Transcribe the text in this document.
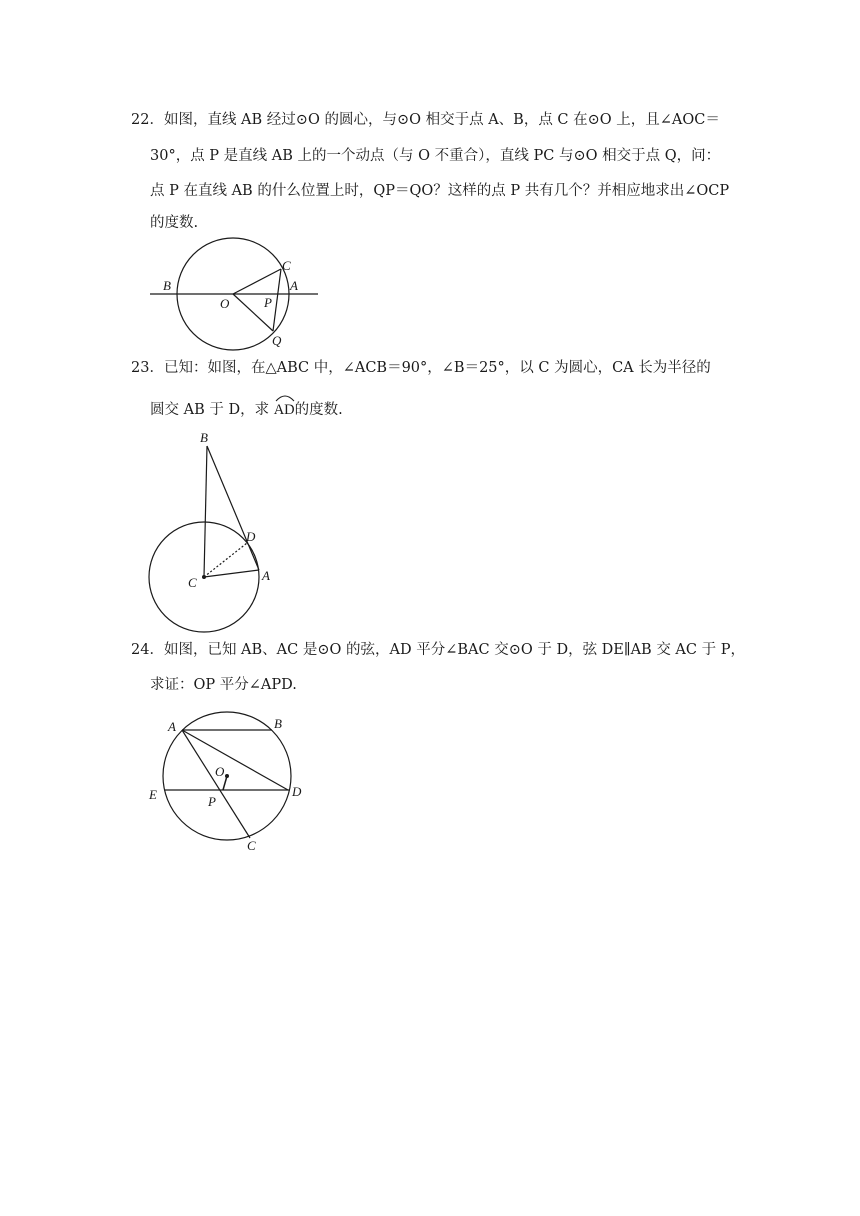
22．如图，直线 AB 经过⊙O 的圆心，与⊙O 相交于点 A、B，点 C 在⊙O 上，且∠AOC＝
30°，点 P 是直线 AB 上的一个动点（与 O 不重合），直线 PC 与⊙O 相交于点 Q，问：
点 P 在直线 AB 的什么位置上时，QP＝QO？这样的点 P 共有几个？并相应地求出∠OCP
的度数.
B
O	P
A
C
Q
23．已知：如图，在△ABC 中，∠ACB＝90°，∠B＝25°，以 C 为圆心，CA 长为半径的
圆交 AB 于 D，求
AD的度数.
B
D
C	A
24．如图，已知 AB、AC 是⊙O 的弦，AD 平分∠BAC 交⊙O 于 D，弦 DE∥AB 交 AC 于 P，
求证：OP 平分∠APD.
A	B
O
E	P
D
C
